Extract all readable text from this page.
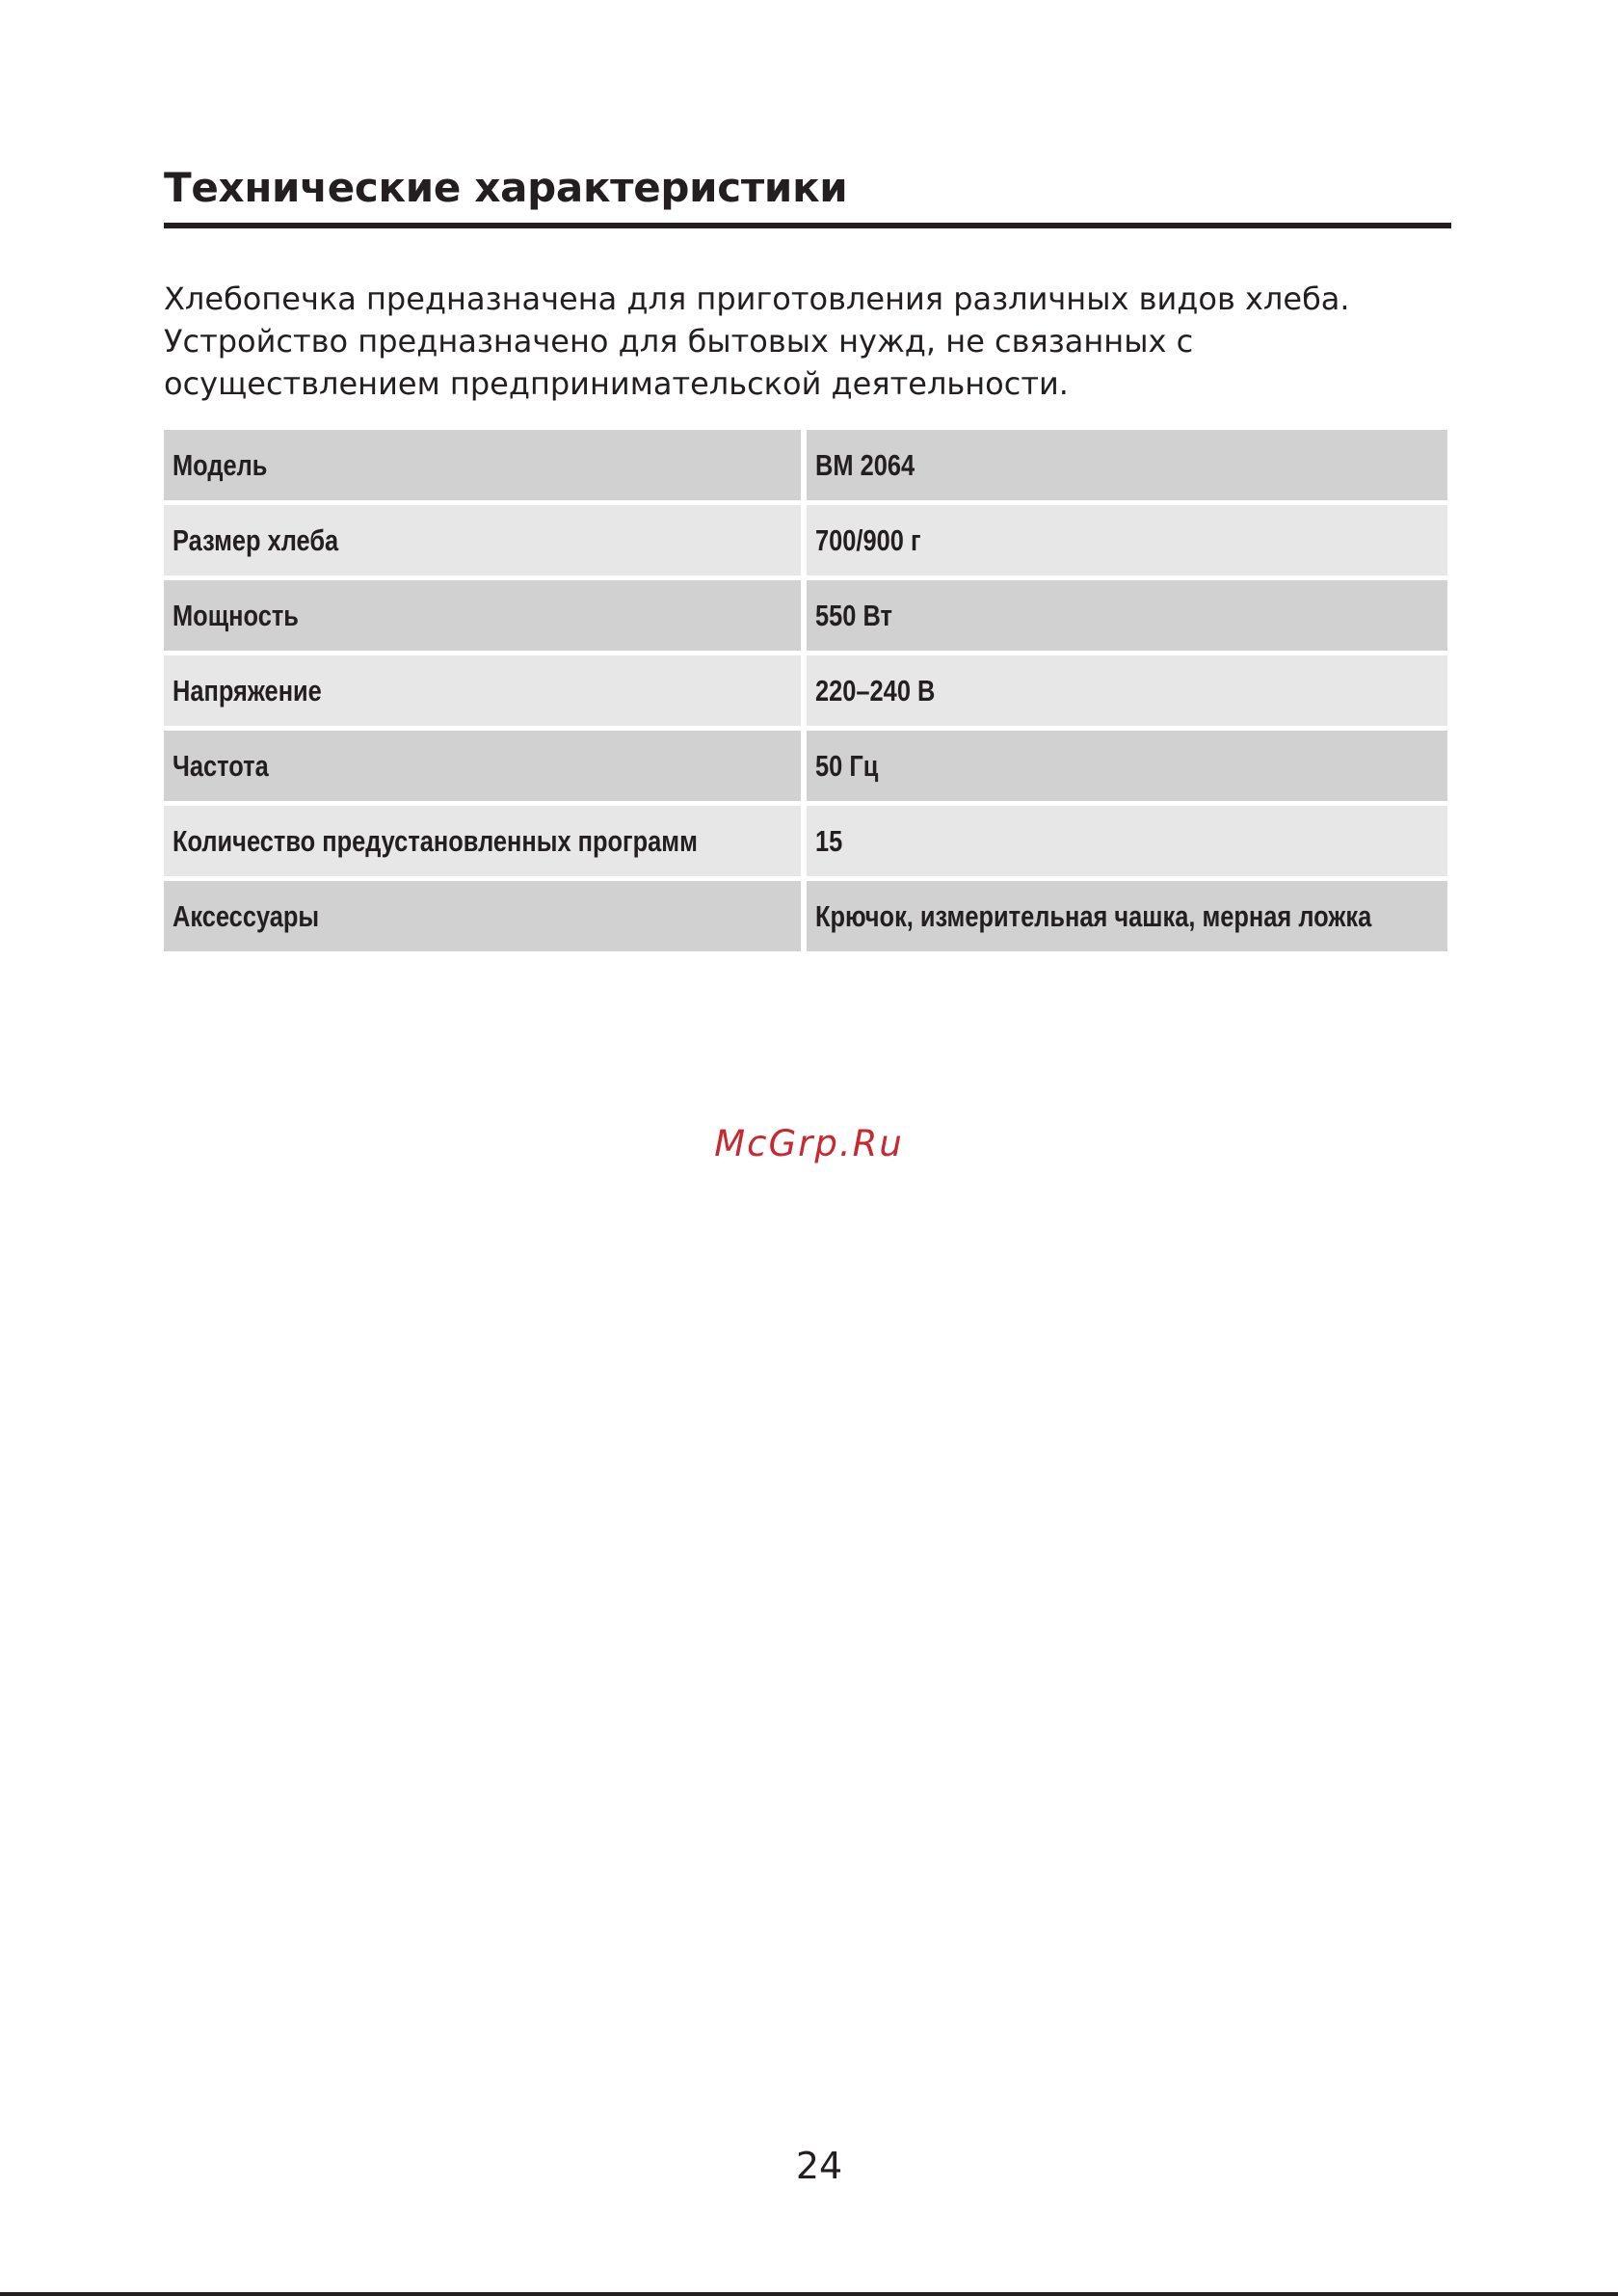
Технические характеристики

Хлебопечка предназначена для приготовления различных видов хлеба. Устройство предназначено для бытовых нужд, не связанных с осуществлением предпринимательской деятельности.

Модель	BM 2064
Размер хлеба	700/900 г
Мощность	550 Вт
Напряжение	220–240 В
Частота	50 Гц
Количество предустановленных программ	15
Аксессуары	Крючок, измерительная чашка, мерная ложка
McGrp.Ru
24
